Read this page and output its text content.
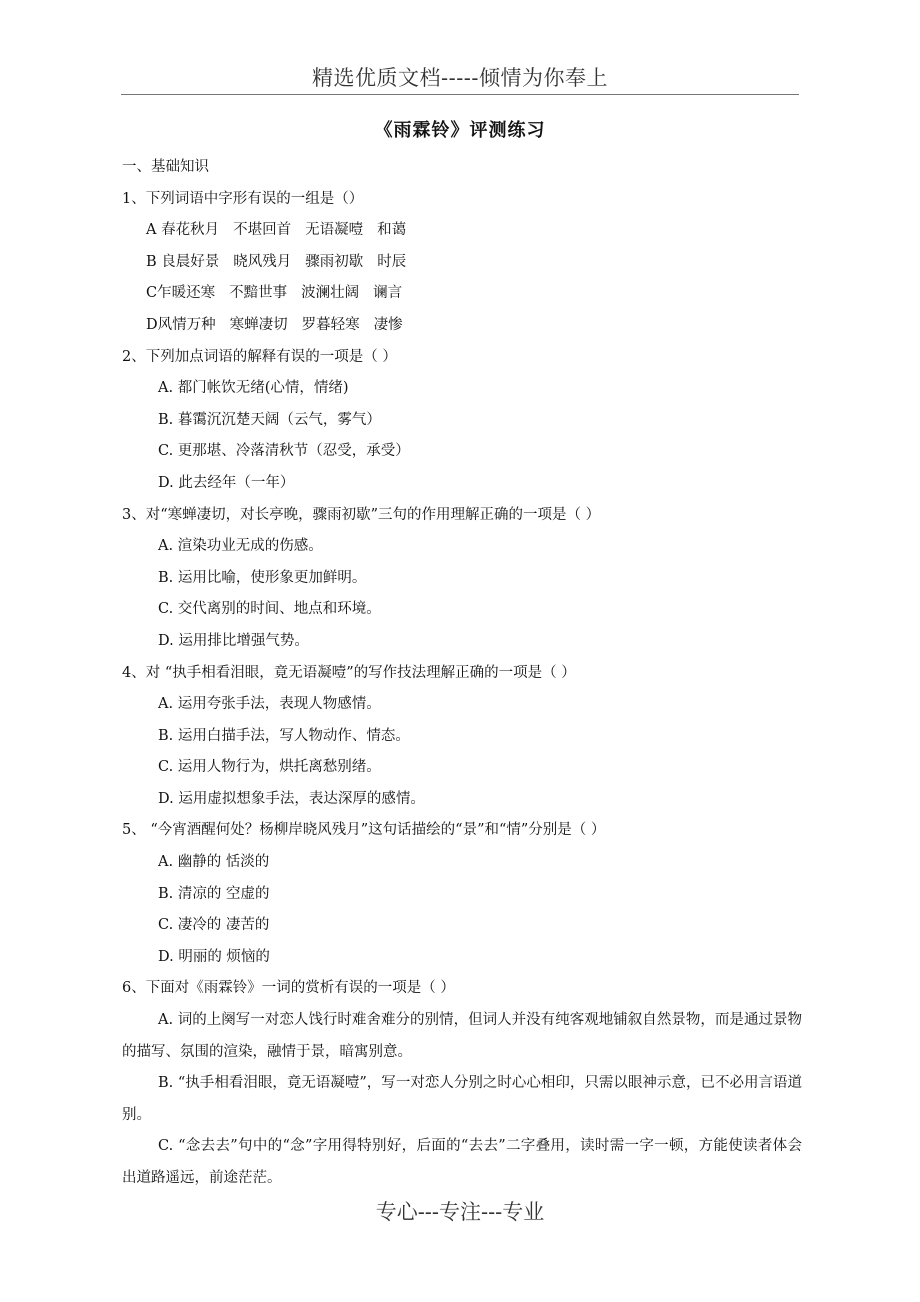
精选优质文档-----倾情为你奉上
《雨霖铃》评测练习
一、基础知识
1、下列词语中字形有误的一组是（）
A 春花秋月 不堪回首 无语凝噎 和蔼
B 良晨好景 晓风残月 骤雨初歇 时辰
C乍暖还寒 不黯世事 波澜壮阔 谰言
D风情万种 寒蝉凄切 罗暮轻寒 凄惨
2、下列加点词语的解释有误的一项是（ ）
A. 都门帐饮无绪(心情，情绪)
B. 暮霭沉沉楚天阔（云气，雾气）
C. 更那堪、冷落清秋节（忍受，承受）
D. 此去经年（一年）
3、对“寒蝉凄切，对长亭晚，骤雨初歇”三句的作用理解正确的一项是（ ）
A. 渲染功业无成的伤感。
B. 运用比喻，使形象更加鲜明。
C. 交代离别的时间、地点和环境。
D. 运用排比增强气势。
4、对 “执手相看泪眼，竟无语凝噎”的写作技法理解正确的一项是（ ）
A. 运用夸张手法，表现人物感情。
B. 运用白描手法，写人物动作、情态。
C. 运用人物行为，烘托离愁别绪。
D. 运用虚拟想象手法，表达深厚的感情。
5、 “今宵酒醒何处？杨柳岸晓风残月”这句话描绘的“景”和“情”分别是（ ）
A. 幽静的 恬淡的
B. 清凉的 空虚的
C. 凄冷的 凄苦的
D. 明丽的 烦恼的
6、下面对《雨霖铃》一词的赏析有误的一项是（ ）
A. 词的上阕写一对恋人饯行时难舍难分的别情，但词人并没有纯客观地铺叙自然景物，而是通过景物的描写、氛围的渲染，融情于景，暗寓别意。
B. “执手相看泪眼，竟无语凝噎”，写一对恋人分别之时心心相印，只需以眼神示意，已不必用言语道别。
C. “念去去”句中的“念”字用得特别好，后面的“去去”二字叠用，读时需一字一顿，方能使读者体会出道路遥远，前途茫茫。
专心---专注---专业
